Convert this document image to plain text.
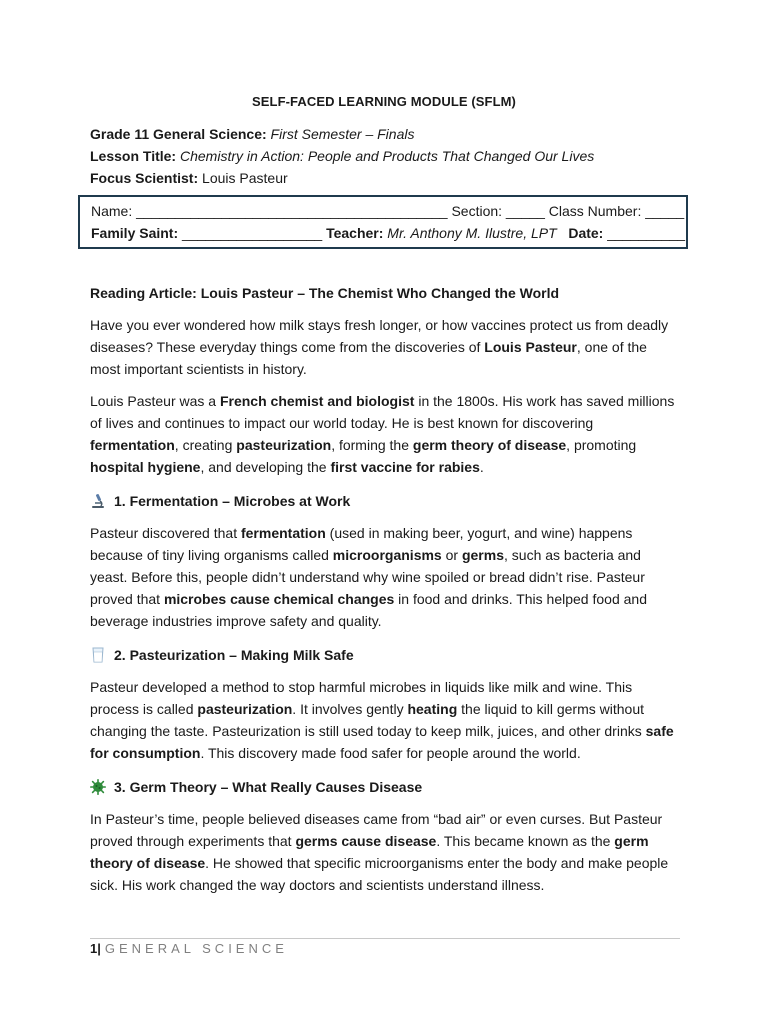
SELF-FACED LEARNING MODULE (SFLM)
Grade 11 General Science: First Semester – Finals
Lesson Title: Chemistry in Action: People and Products That Changed Our Lives
Focus Scientist: Louis Pasteur
Name: ________________________________________ Section: _____ Class Number: _____
Family Saint: __________________ Teacher: Mr. Anthony M. Ilustre, LPT Date: __________
Reading Article: Louis Pasteur – The Chemist Who Changed the World

Have you ever wondered how milk stays fresh longer, or how vaccines protect us from deadly diseases? These everyday things come from the discoveries of Louis Pasteur, one of the most important scientists in history.

Louis Pasteur was a French chemist and biologist in the 1800s. His work has saved millions of lives and continues to impact our world today. He is best known for discovering fermentation, creating pasteurization, forming the germ theory of disease, promoting hospital hygiene, and developing the first vaccine for rabies.

1. Fermentation – Microbes at Work

Pasteur discovered that fermentation (used in making beer, yogurt, and wine) happens because of tiny living organisms called microorganisms or germs, such as bacteria and yeast. Before this, people didn’t understand why wine spoiled or bread didn’t rise. Pasteur proved that microbes cause chemical changes in food and drinks. This helped food and beverage industries improve safety and quality.

2. Pasteurization – Making Milk Safe

Pasteur developed a method to stop harmful microbes in liquids like milk and wine. This process is called pasteurization. It involves gently heating the liquid to kill germs without changing the taste. Pasteurization is still used today to keep milk, juices, and other drinks safe for consumption. This discovery made food safer for people around the world.

3. Germ Theory – What Really Causes Disease

In Pasteur’s time, people believed diseases came from “bad air” or even curses. But Pasteur proved through experiments that germs cause disease. This became known as the germ theory of disease. He showed that specific microorganisms enter the body and make people sick. His work changed the way doctors and scientists understand illness.

1| GENERAL SCIENCE
